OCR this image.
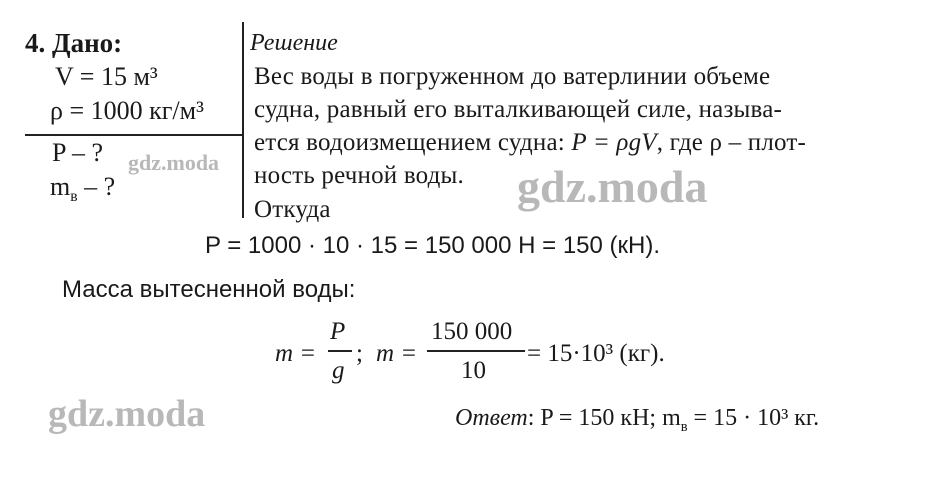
4. Дано:
V = 15 м³
ρ = 1000 кг/м³
P – ?
$m_в$ – ?
Решение
Вес воды в погруженном до ватерлинии объеме
судна, равный его выталкивающей силе, называ-
ется водоизмещением судна: P = ρgV, где ρ – плот-
ность речной воды.
Откуда
P = 1000 · 10 · 15 = 150 000 Н = 150 (кН).
Масса вытесненной воды:
m =
P
g
; m =
150 000
10
= 15·10³ (кг).
Ответ: P = 150 кН; $m_в = 15 \cdot 10^3$ кг.
gdz.moda	gdz.moda
gdz.moda
